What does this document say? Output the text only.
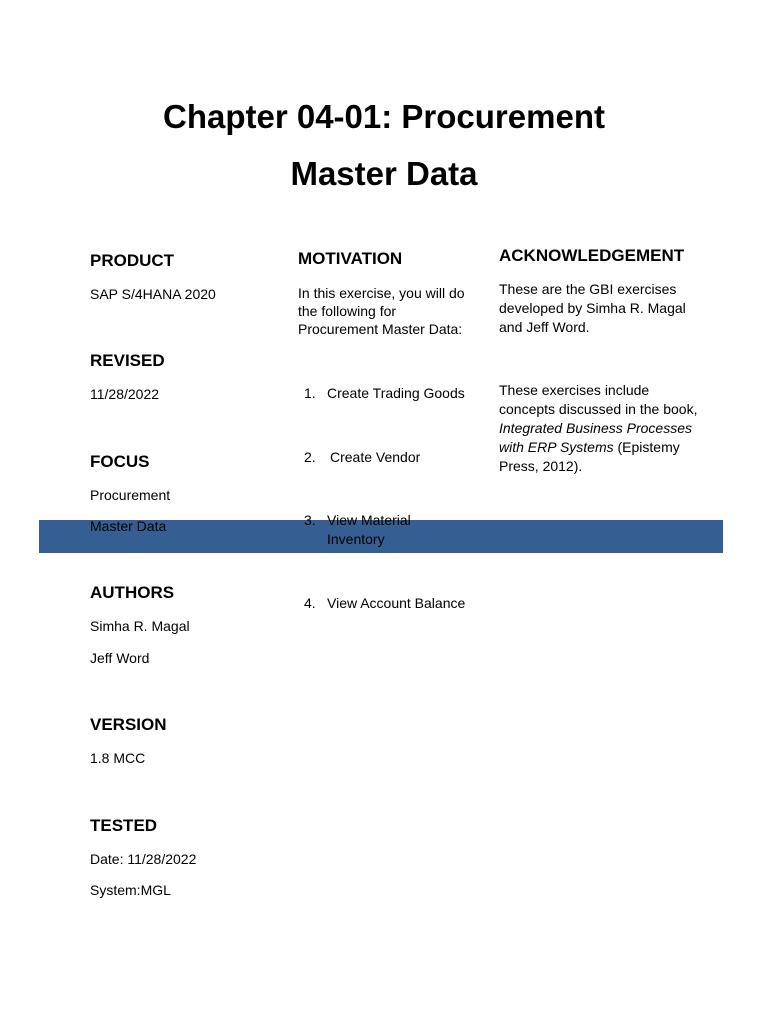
Chapter 04-01: Procurement
Master Data
PRODUCT
SAP S/4HANA 2020
REVISED
11/28/2022
FOCUS
Procurement
Master Data
AUTHORS
Simha R. Magal
Jeff Word
VERSION
1.8 MCC
TESTED
Date: 11/28/2022
System:MGL
MOTIVATION
In this exercise, you will do the following for Procurement Master Data:
1. Create Trading Goods
2. Create Vendor
3. View Material Inventory
4. View Account Balance
ACKNOWLEDGEMENT
These are the GBI exercises developed by Simha R. Magal and Jeff Word.
These exercises include concepts discussed in the book, Integrated Business Processes with ERP Systems (Epistemy Press, 2012).
